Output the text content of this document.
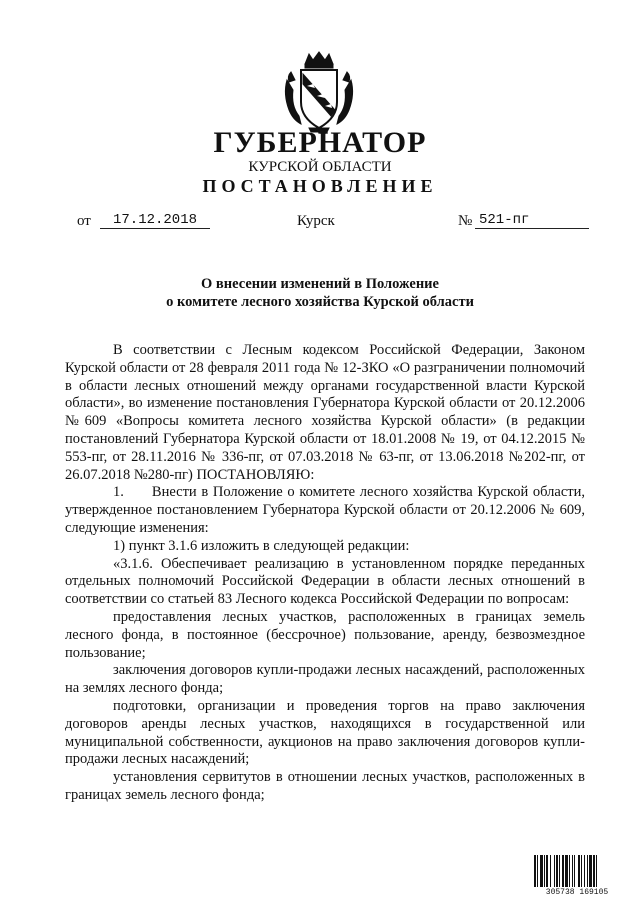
ГУБЕРНАТОР
КУРСКОЙ ОБЛАСТИ
ПОСТАНОВЛЕНИЕ
от	17.12.2018	Курск	№ 521-пг
О внесении изменений в Положение
о комитете лесного хозяйства Курской области

В соответствии с Лесным кодексом Российской Федерации, Законом Курской области от 28 февраля 2011 года № 12-ЗКО «О разграничении полномочий в области лесных отношений между органами государственной власти Курской области», во изменение постановления Губернатора Курской области от 20.12.2006 №609 «Вопросы комитета лесного хозяйства Курской области» (в редакции постановлений Губернатора Курской области от 18.01.2008 № 19, от 04.12.2015 № 553-пг, от 28.11.2016 № 336-пг, от 07.03.2018 № 63-пг, от 13.06.2018 №202-пг, от 26.07.2018 №280-пг) ПОСТАНОВЛЯЮ:

1.      Внести в Положение о комитете лесного хозяйства Курской области, утвержденное постановлением Губернатора Курской области от 20.12.2006 № 609, следующие изменения:

1) пункт 3.1.6 изложить в следующей редакции:

«3.1.6. Обеспечивает реализацию в установленном порядке переданных отдельных полномочий Российской Федерации в области лесных отношений в соответствии со статьей 83 Лесного кодекса Российской Федерации по вопросам:

предоставления лесных участков, расположенных в границах земель лесного фонда, в постоянное (бессрочное) пользование, аренду, безвозмездное пользование;

заключения договоров купли-продажи лесных насаждений, расположенных на землях лесного фонда;

подготовки, организации и проведения торгов на право заключения договоров аренды лесных участков, находящихся в государственной или муниципальной собственности, аукционов на право заключения договоров купли-продажи лесных насаждений;

установления сервитутов в отношении лесных участков, расположенных в границах земель лесного фонда;

305738 169105
